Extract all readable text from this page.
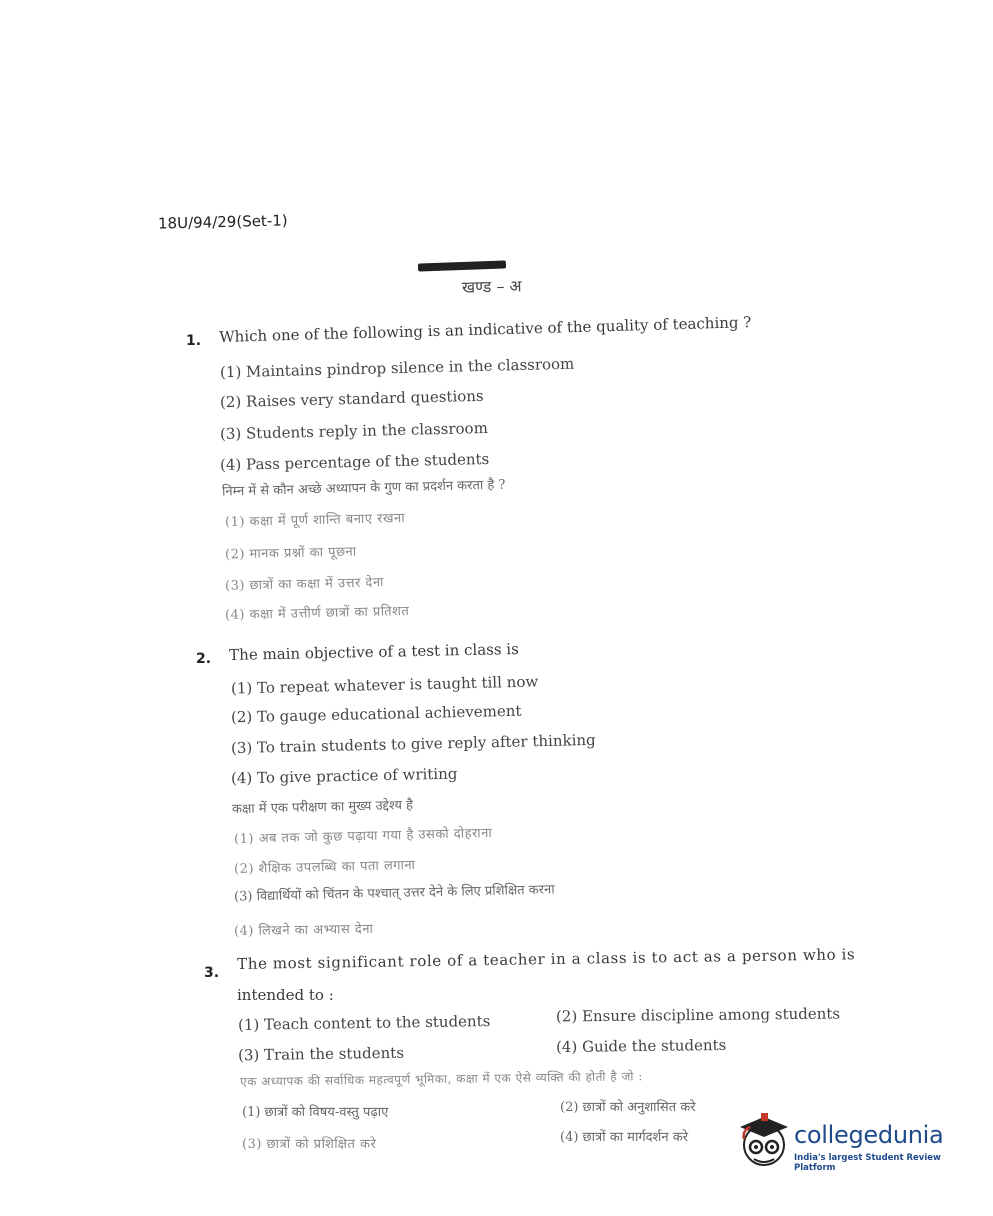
18U/94/29(Set-1)
खण्ड – अ
1. Which one of the following is an indicative of the quality of teaching ?
(1) Maintains pindrop silence in the classroom
(2) Raises very standard questions
(3) Students reply in the classroom
(4) Pass percentage of the students
निम्न में से कौन अच्छे अध्यापन के गुण का प्रदर्शन करता है ?
(1) कक्षा में पूर्ण शान्ति बनाए रखना
(2) मानक प्रश्नों का पूछना
(3) छात्रों का कक्षा में उत्तर देना
(4) कक्षा में उत्तीर्ण छात्रों का प्रतिशत
2. The main objective of a test in class is
(1) To repeat whatever is taught till now
(2) To gauge educational achievement
(3) To train students to give reply after thinking
(4) To give practice of writing
कक्षा में एक परीक्षण का मुख्य उद्देश्य है
(1) अब तक जो कुछ पढ़ाया गया है उसको दोहराना
(2) शैक्षिक उपलब्धि का पता लगाना
(3) विद्यार्थियों को चिंतन के पश्चात् उत्तर देने के लिए प्रशिक्षित करना
(4) लिखने का अभ्यास देना
3.
The most significant role of a teacher in a class is to act as a person who is
intended to :
(1) Teach content to the students	(2) Ensure discipline among students
(3) Train the students	(4) Guide the students
एक अध्यापक की सर्वाधिक महत्वपूर्ण भूमिका, कक्षा में एक ऐसे व्यक्ति की होती है जो :
(1) छात्रों को विषय-वस्तु पढ़ाए	(2) छात्रों को अनुशासित करे
(3) छात्रों को प्रशिक्षित करे	(4) छात्रों का मार्गदर्शन करे	collegedunia
India's largest Student Review Platform
